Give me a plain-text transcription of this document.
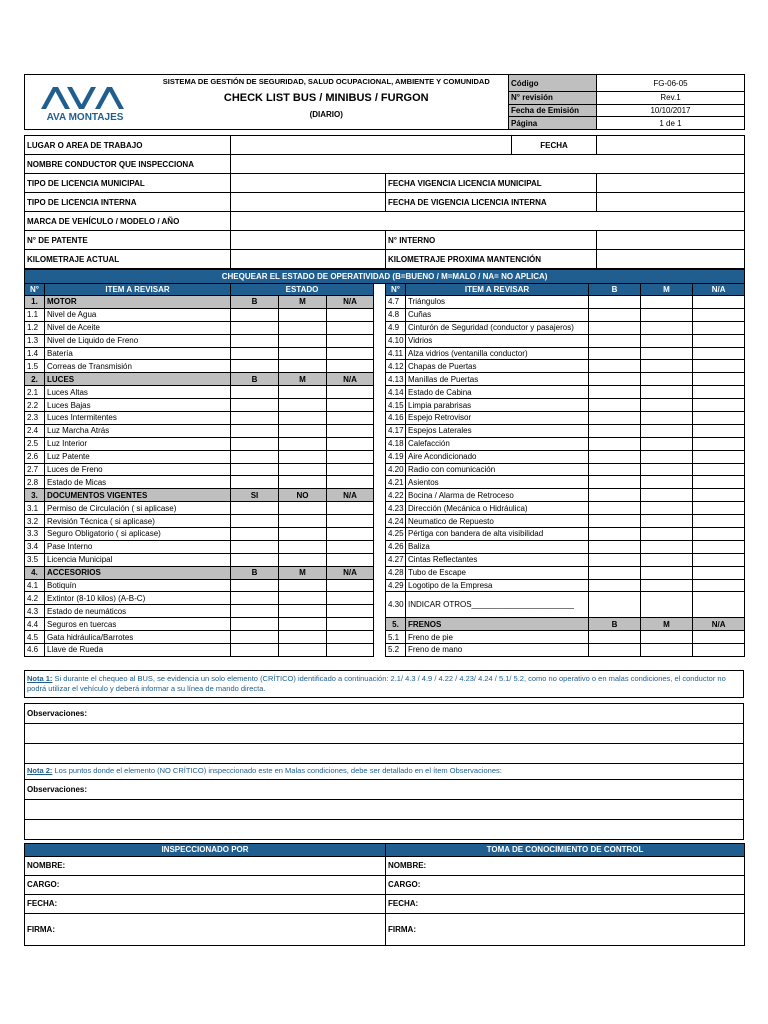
AVA MONTAJES	SISTEMA DE GESTIÓN DE SEGURIDAD, SALUD OCUPACIONAL, AMBIENTE Y COMUNIDAD
CHECK LIST BUS / MINIBUS / FURGON
(DIARIO)	Código	FG-06-05
		N° revisión	Rev.1
		Fecha de Emisión	10/10/2017
		Página	1 de 1
LUGAR O AREA DE TRABAJO			FECHA	
NOMBRE CONDUCTOR QUE INSPECCIONA				
TIPO DE LICENCIA MUNICIPAL		FECHA VIGENCIA LICENCIA MUNICIPAL		
TIPO DE LICENCIA INTERNA		FECHA DE VIGENCIA LICENCIA INTERNA		
MARCA DE VEHÍCULO / MODELO / AÑO				
N° DE PATENTE		N° INTERNO		
KILOMETRAJE ACTUAL		KILOMETRAJE PROXIMA MANTENCIÓN		
CHEQUEAR EL ESTADO DE OPERATIVIDAD (B=BUENO / M=MALO / NA= NO APLICA)										
N°	ITEM A REVISAR	ESTADO				N°	ITEM A REVISAR	B	M	N/A
1.	MOTOR	B	M	N/A		4.7	Triángulos			
1.1	Nivel de Agua					4.8	Cuñas			
1.2	Nivel de Aceite					4.9	Cinturón de Seguridad (conductor y pasajeros)			
1.3	Nivel de Liquido de Freno					4.10	Vidrios			
1.4	Batería					4.11	Alza vidrios (ventanilla conductor)			
1.5	Correas de Transmisión					4.12	Chapas de Puertas			
2.	LUCES	B	M	N/A		4.13	Manillas de Puertas			
2.1	Luces Altas					4.14	Estado de Cabina			
2.2	Luces Bajas					4.15	Limpia parabrisas			
2.3	Luces Intermitentes					4.16	Espejo Retrovisor			
2.4	Luz Marcha Atrás					4.17	Espejos Laterales			
2.5	Luz Interior					4.18	Calefacción			
2.6	Luz Patente					4.19	Aire Acondicionado			
2.7	Luces de Freno					4.20	Radio con comunicación			
2.8	Estado de Micas					4.21	Asientos			
3.	DOCUMENTOS VIGENTES	SI	NO	N/A		4.22	Bocina / Alarma de Retroceso			
3.1	Permiso de Circulación ( si aplicase)					4.23	Dirección (Mecánica o Hidráulica)			
3.2	Revisión Técnica ( si aplicase)					4.24	Neumatico de Repuesto			
3.3	Seguro Obligatorio ( si aplicase)					4.25	Pértiga con bandera de alta visibilidad			
3.4	Pase Interno					4.26	Baliza			
3.5	Licencia Municipal					4.27	Cintas Reflectantes			
4.	ACCESORIOS	B	M	N/A		4.28	Tubo de Escape			
4.1	Botiquín					4.29	Logotipo de la Empresa			
4.2	Extintor (8-10 kilos) (A-B-C)					4.30	INDICAR OTROS_______________________			
4.3	Estado de neumáticos									
4.4	Seguros en tuercas					5.	FRENOS	B	M	N/A
4.5	Gata hidráulica/Barrotes					5.1	Freno de pie			
4.6	Llave de Rueda					5.2	Freno de mano			
Nota 1: Si durante el chequeo al BUS, se evidencia un solo elemento (CRÍTICO) identificado a continuación: 2.1/ 4.3 / 4.9 / 4.22 / 4.23/ 4.24 / 5.1/ 5.2, como no operativo o en malas condiciones, el conductor no podrá utilizar el vehículo y deberá informar a su línea de mando directa.

Observaciones:

Nota 2: Los puntos donde el elemento (NO CRÍTICO) inspeccionado este en Malas condiciones, debe ser detallado en el ítem Observaciones:
Observaciones:

INSPECCIONADO POR	TOMA DE CONOCIMIENTO DE CONTROL
NOMBRE:	NOMBRE:
CARGO:	CARGO:
FECHA:	FECHA:
FIRMA:	FIRMA:
